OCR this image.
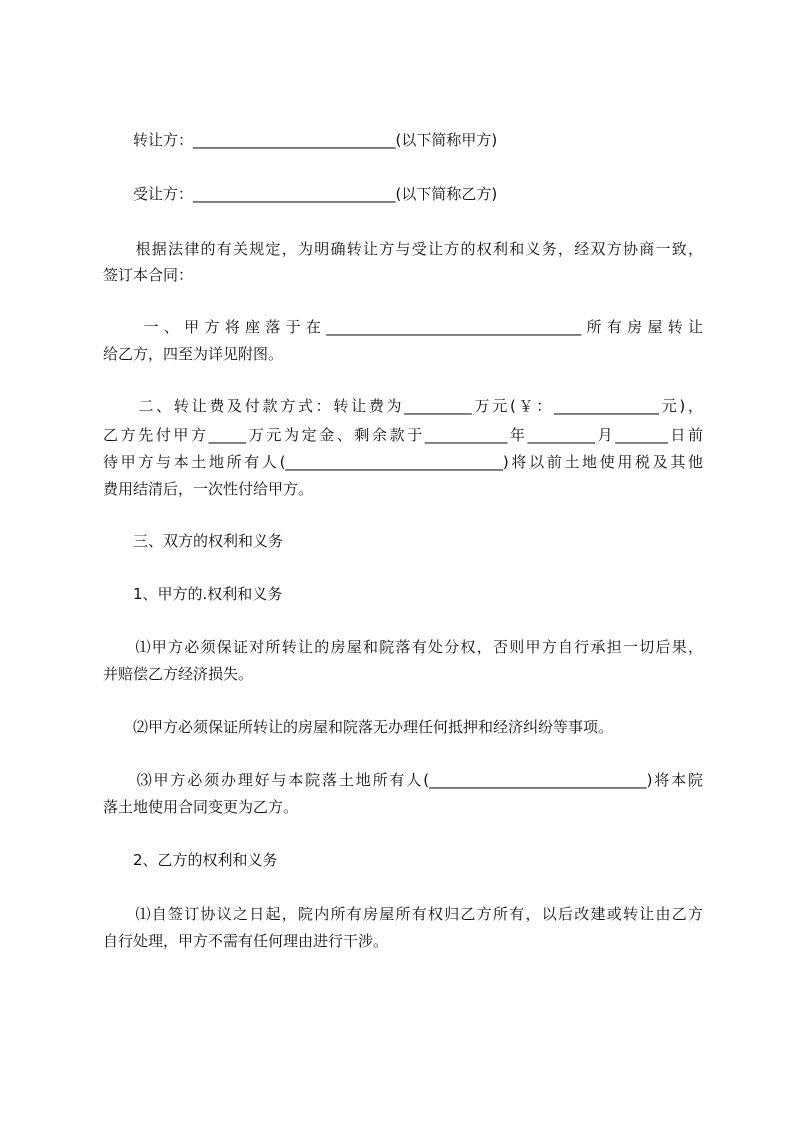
　　转让方：___________________________(以下简称甲方)
　　受让方：___________________________(以下简称乙方)
　　根据法律的有关规定，为明确转让方与受让方的权利和义务，经双方协商一致，
签订本合同：
　　一、甲方将座落于在__________________________________所有房屋转让
给乙方，四至为详见附图。
　　二、转让费及付款方式：转让费为_________万元(￥：______________元)，
乙方先付甲方_____万元为定金、剩余款于___________年_________月_______日前
待甲方与本土地所有人(_____________________________)将以前土地使用税及其他
费用结清后，一次性付给甲方。
　　三、双方的权利和义务
　　1、甲方的.权利和义务
　　⑴甲方必须保证对所转让的房屋和院落有处分权，否则甲方自行承担一切后果，
并赔偿乙方经济损失。
　　⑵甲方必须保证所转让的房屋和院落无办理任何抵押和经济纠纷等事项。
　　⑶甲方必须办理好与本院落土地所有人(_____________________________)将本院
落土地使用合同变更为乙方。
　　2、乙方的权利和义务
　　⑴自签订协议之日起，院内所有房屋所有权归乙方所有，以后改建或转让由乙方
自行处理，甲方不需有任何理由进行干涉。
